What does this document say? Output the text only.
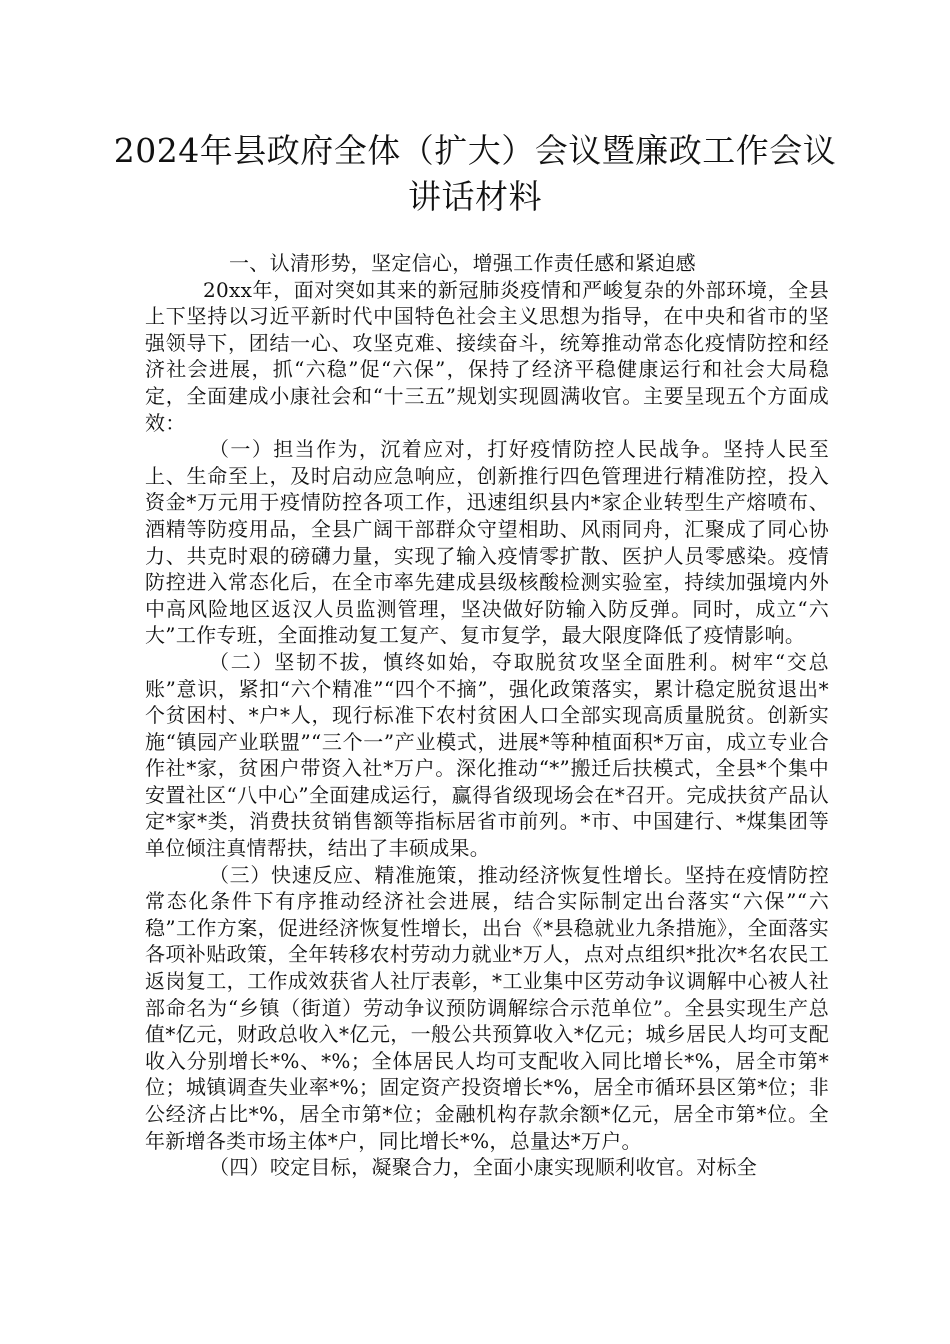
2024年县政府全体（扩大）会议暨廉政工作会议讲话材料

一、认清形势，坚定信心，增强工作责任感和紧迫感

20xx年，面对突如其来的新冠肺炎疫情和严峻复杂的外部环境，全县上下坚持以习近平新时代中国特色社会主义思想为指导，在中央和省市的坚强领导下，团结一心、攻坚克难、接续奋斗，统筹推动常态化疫情防控和经济社会进展，抓“六稳”促“六保”，保持了经济平稳健康运行和社会大局稳定，全面建成小康社会和“十三五”规划实现圆满收官。主要呈现五个方面成效：

（一）担当作为，沉着应对，打好疫情防控人民战争。坚持人民至上、生命至上，及时启动应急响应，创新推行四色管理进行精准防控，投入资金*万元用于疫情防控各项工作，迅速组织县内*家企业转型生产熔喷布、酒精等防疫用品，全县广阔干部群众守望相助、风雨同舟，汇聚成了同心协力、共克时艰的磅礴力量，实现了输入疫情零扩散、医护人员零感染。疫情防控进入常态化后，在全市率先建成县级核酸检测实验室，持续加强境内外中高风险地区返汉人员监测管理，坚决做好防输入防反弹。同时，成立“六大”工作专班，全面推动复工复产、复市复学，最大限度降低了疫情影响。

（二）坚韧不拔，慎终如始，夺取脱贫攻坚全面胜利。树牢“交总账”意识，紧扣“六个精准”“四个不摘”，强化政策落实，累计稳定脱贫退出*个贫困村、*户*人，现行标准下农村贫困人口全部实现高质量脱贫。创新实施“镇园产业联盟”“三个一”产业模式，进展*等种植面积*万亩，成立专业合作社*家，贫困户带资入社*万户。深化推动“*”搬迁后扶模式，全县*个集中安置社区“八中心”全面建成运行，赢得省级现场会在*召开。完成扶贫产品认定*家*类，消费扶贫销售额等指标居省市前列。*市、中国建行、*煤集团等单位倾注真情帮扶，结出了丰硕成果。

（三）快速反应、精准施策，推动经济恢复性增长。坚持在疫情防控常态化条件下有序推动经济社会进展，结合实际制定出台落实“六保”“六稳”工作方案，促进经济恢复性增长，出台《*县稳就业九条措施》，全面落实各项补贴政策，全年转移农村劳动力就业*万人，点对点组织*批次*名农民工返岗复工，工作成效获省人社厅表彰，*工业集中区劳动争议调解中心被人社部命名为“乡镇（街道）劳动争议预防调解综合示范单位”。全县实现生产总值*亿元，财政总收入*亿元，一般公共预算收入*亿元；城乡居民人均可支配收入分别增长*%、*%；全体居民人均可支配收入同比增长*%，居全市第*位；城镇调查失业率*%；固定资产投资增长*%，居全市循环县区第*位；非公经济占比*%，居全市第*位；金融机构存款余额*亿元，居全市第*位。全年新增各类市场主体*户，同比增长*%，总量达*万户。

（四）咬定目标，凝聚合力，全面小康实现顺利收官。对标全
